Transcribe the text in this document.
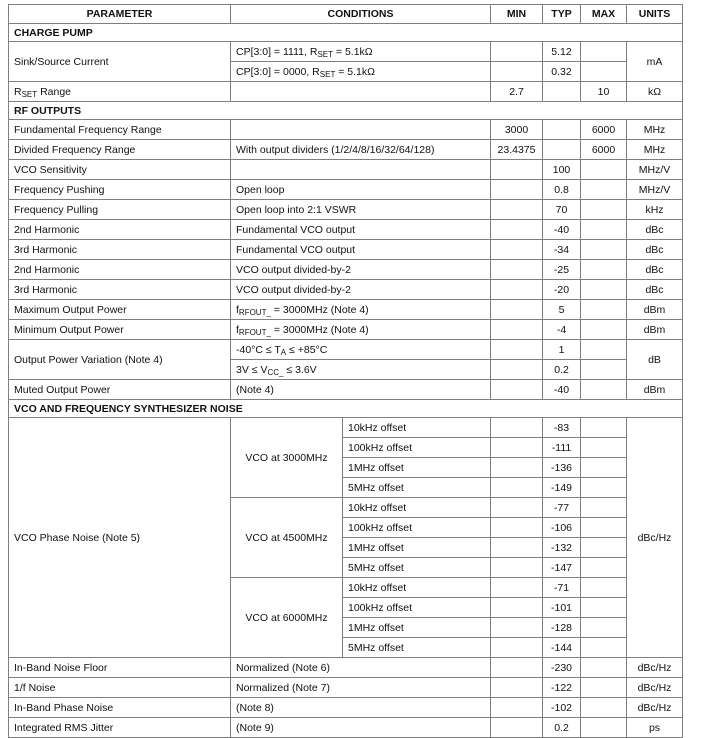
PARAMETER	CONDITIONS		MIN	TYP	MAX	UNITS
CHARGE PUMP						
Sink/Source Current	CP[3:0] = 1111, $R_{SET} = 5.1k\Omega$			5.12		mA
	CP[3:0] = 0000, $R_{SET} = 5.1k\Omega$			0.32		
$R_{SET}$ Range			2.7		10	kΩ
RF OUTPUTS						
Fundamental Frequency Range			3000		6000	MHz
Divided Frequency Range	With output dividers (1/2/4/8/16/32/64/128)		23.4375		6000	MHz
VCO Sensitivity				100		MHz/V
Frequency Pushing	Open loop			0.8		MHz/V
Frequency Pulling	Open loop into 2:1 VSWR			70		kHz
2nd Harmonic	Fundamental VCO output			-40		dBc
3rd Harmonic	Fundamental VCO output			-34		dBc
2nd Harmonic	VCO output divided-by-2			-25		dBc
3rd Harmonic	VCO output divided-by-2			-20		dBc
Maximum Output Power	$f_{RFOUT\_} = 3000MHz$ (Note 4)			5		dBm
Minimum Output Power	$f_{RFOUT\_} = 3000MHz$ (Note 4)			-4		dBm
Output Power Variation (Note 4)	$-40^\circ C \le T_A \le +85^\circ C$			1		dB
	$3V \le V_{CC\_} \le 3.6V$			0.2		
Muted Output Power	(Note 4)			-40		dBm
VCO AND FREQUENCY SYNTHESIZER NOISE						
VCO Phase Noise (Note 5)	VCO at 3000MHz	10kHz offset		-83		dBc/Hz
		100kHz offset		-111		
		1MHz offset		-136		
		5MHz offset		-149		
	VCO at 4500MHz	10kHz offset		-77		
		100kHz offset		-106		
		1MHz offset		-132		
		5MHz offset		-147		
	VCO at 6000MHz	10kHz offset		-71		
		100kHz offset		-101		
		1MHz offset		-128		
		5MHz offset		-144		
In-Band Noise Floor	Normalized (Note 6)			-230		dBc/Hz
1/f Noise	Normalized (Note 7)			-122		dBc/Hz
In-Band Phase Noise	(Note 8)			-102		dBc/Hz
Integrated RMS Jitter	(Note 9)			0.2		ps
